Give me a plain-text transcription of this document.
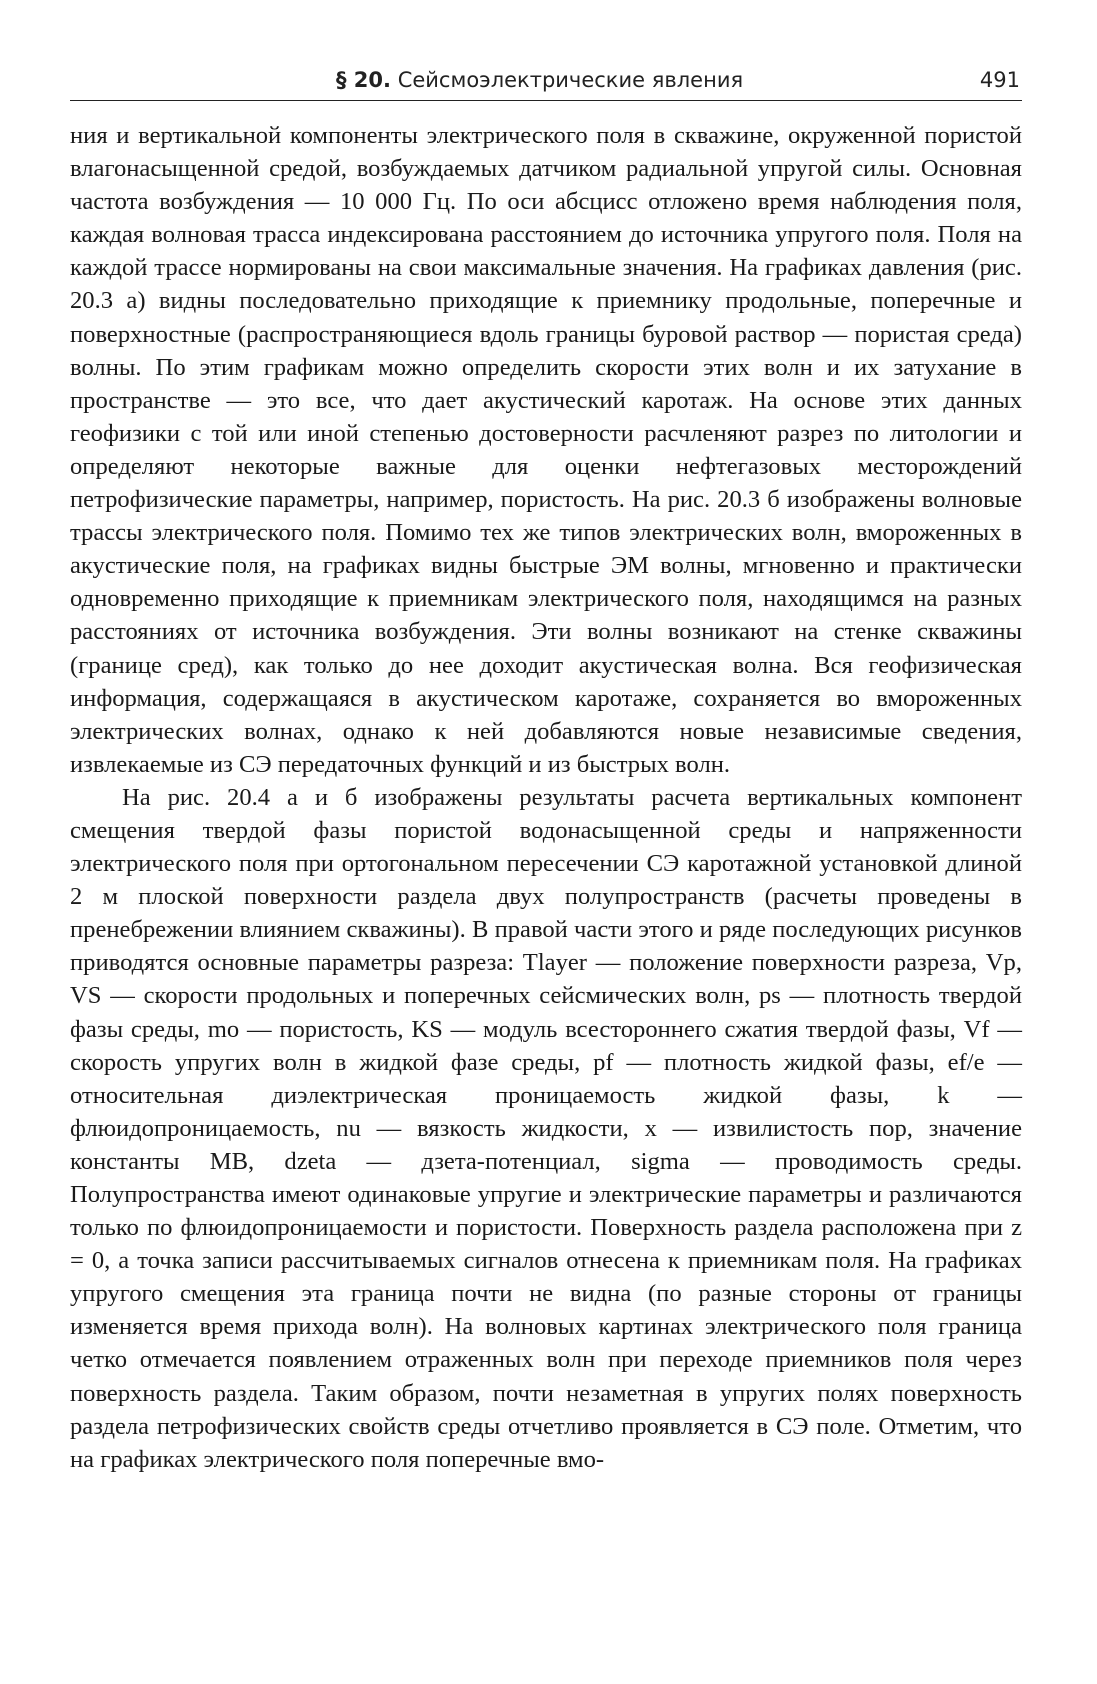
§ 20. Сейсмоэлектрические явления	491

ния и вертикальной компоненты электрического поля в скважине, окруженной пористой влагонасыщенной средой, возбуждаемых датчиком радиальной упругой силы. Основная частота возбуждения — 10 000 Гц. По оси абсцисс отложено время наблюдения поля, каждая волновая трасса индексирована расстоянием до источника упругого поля. Поля на каждой трассе нормированы на свои максимальные значения. На графиках давления (рис. 20.3 а) видны последовательно приходящие к приемнику продольные, поперечные и поверхностные (распространяющиеся вдоль границы буровой раствор — пористая среда) волны. По этим графикам можно определить скорости этих волн и их затухание в пространстве — это все, что дает акустический каротаж. На основе этих данных геофизики с той или иной степенью достоверности расчленяют разрез по литологии и определяют некоторые важные для оценки нефтегазовых месторождений петрофизические параметры, например, пористость. На рис. 20.3 б изображены волновые трассы электрического поля. Помимо тех же типов электрических волн, вмороженных в акустические поля, на графиках видны быстрые ЭМ волны, мгновенно и практически одновременно приходящие к приемникам электрического поля, находящимся на разных расстояниях от источника возбуждения. Эти волны возникают на стенке скважины (границе сред), как только до нее доходит акустическая волна. Вся геофизическая информация, содержащаяся в акустическом каротаже, сохраняется во вмороженных электрических волнах, однако к ней добавляются новые независимые сведения, извлекаемые из СЭ передаточных функций и из быстрых волн.

На рис. 20.4 а и б изображены результаты расчета вертикальных компонент смещения твердой фазы пористой водонасыщенной среды и напряженности электрического поля при ортогональном пересечении СЭ каротажной установкой длиной 2 м плоской поверхности раздела двух полупространств (расчеты проведены в пренебрежении влиянием скважины). В правой части этого и ряде последующих рисунков приводятся основные параметры разреза: Tlayer — положение поверхности разреза, Vp, VS — скорости продольных и поперечных сейсмических волн, ps — плотность твердой фазы среды, mo — пористость, KS — модуль всестороннего сжатия твердой фазы, Vf — скорость упругих волн в жидкой фазе среды, pf — плотность жидкой фазы, ef/e — относительная диэлектрическая проницаемость жидкой фазы, k — флюидопроницаемость, nu — вязкость жидкости, x — извилистость пор, значение константы MB, dzeta — дзета-потенциал, sigma — проводимость среды. Полупространства имеют одинаковые упругие и электрические параметры и различаются только по флюидопроницаемости и пористости. Поверхность раздела расположена при z = 0, а точка записи рассчитываемых сигналов отнесена к приемникам поля. На графиках упругого смещения эта граница почти не видна (по разные стороны от границы изменяется время прихода волн). На волновых картинах электрического поля граница четко отмечается появлением отраженных волн при переходе приемников поля через поверхность раздела. Таким образом, почти незаметная в упругих полях поверхность раздела петрофизических свойств среды отчетливо проявляется в СЭ поле. Отметим, что на графиках электрического поля поперечные вмо-
